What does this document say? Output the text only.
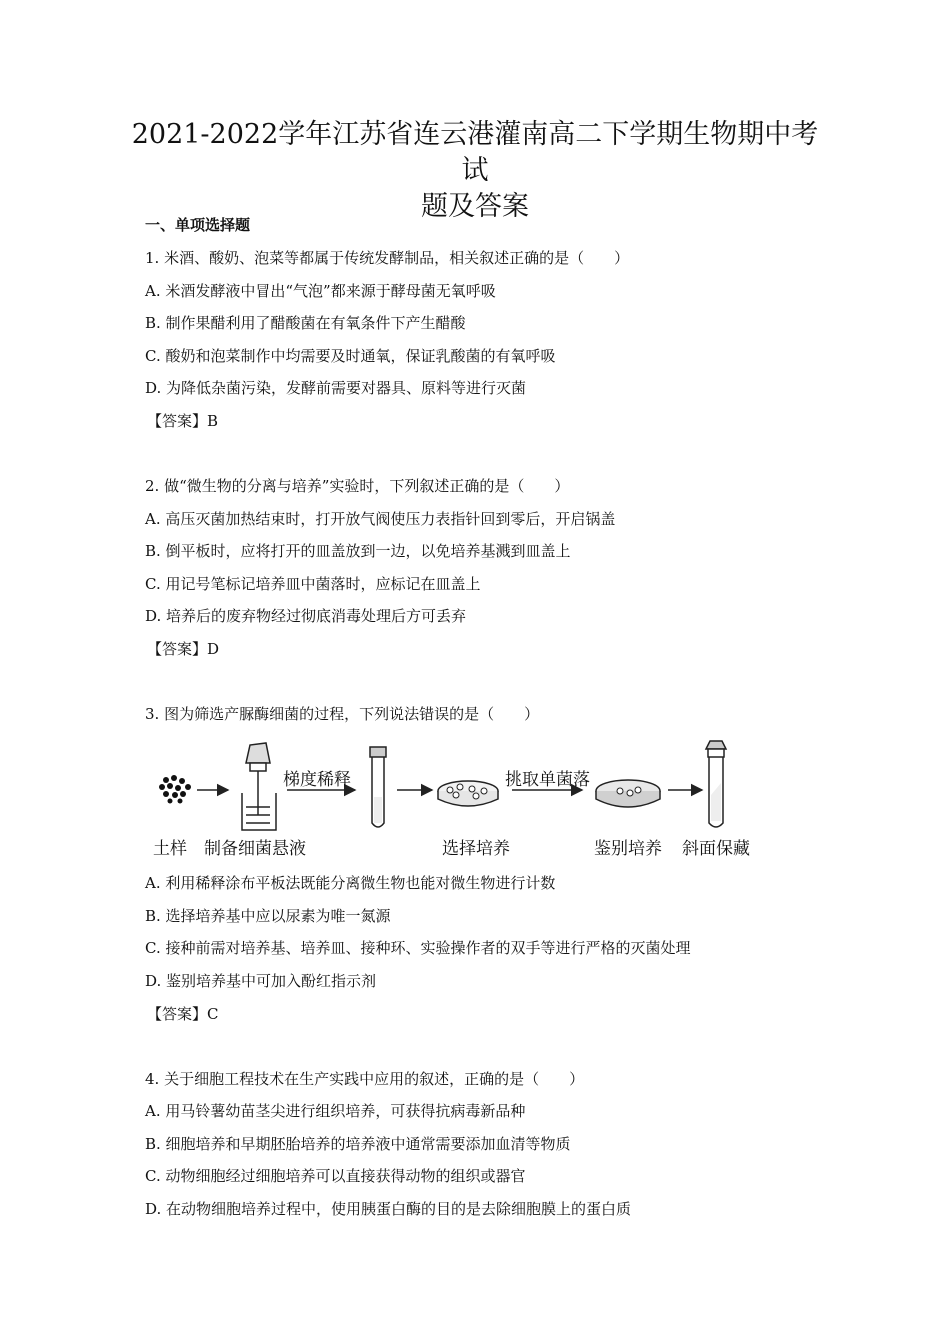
2021-2022学年江苏省连云港灌南高二下学期生物期中考试
题及答案
一、单项选择题
1. 米酒、酸奶、泡菜等都属于传统发酵制品，相关叙述正确的是（　　）
A. 米酒发酵液中冒出“气泡”都来源于酵母菌无氧呼吸
B. 制作果醋利用了醋酸菌在有氧条件下产生醋酸
C. 酸奶和泡菜制作中均需要及时通氧，保证乳酸菌的有氧呼吸
D. 为降低杂菌污染，发酵前需要对器具、原料等进行灭菌
【答案】B
2. 做“微生物的分离与培养”实验时，下列叙述正确的是（　　）
A. 高压灭菌加热结束时，打开放气阀使压力表指针回到零后，开启锅盖
B. 倒平板时，应将打开的皿盖放到一边，以免培养基溅到皿盖上
C. 用记号笔标记培养皿中菌落时，应标记在皿盖上
D. 培养后的废弃物经过彻底消毒处理后方可丢弃
【答案】D
3. 图为筛选产脲酶细菌的过程，下列说法错误的是（　　）
梯度稀释	挑取单菌落
土样 制备细菌悬液	选择培养	鉴别培养 斜面保藏
A. 利用稀释涂布平板法既能分离微生物也能对微生物进行计数
B. 选择培养基中应以尿素为唯一氮源
C. 接种前需对培养基、培养皿、接种环、实验操作者的双手等进行严格的灭菌处理
D. 鉴别培养基中可加入酚红指示剂
【答案】C
4. 关于细胞工程技术在生产实践中应用的叙述，正确的是（　　）
A. 用马铃薯幼苗茎尖进行组织培养，可获得抗病毒新品种
B. 细胞培养和早期胚胎培养的培养液中通常需要添加血清等物质
C. 动物细胞经过细胞培养可以直接获得动物的组织或器官
D. 在动物细胞培养过程中，使用胰蛋白酶的目的是去除细胞膜上的蛋白质
